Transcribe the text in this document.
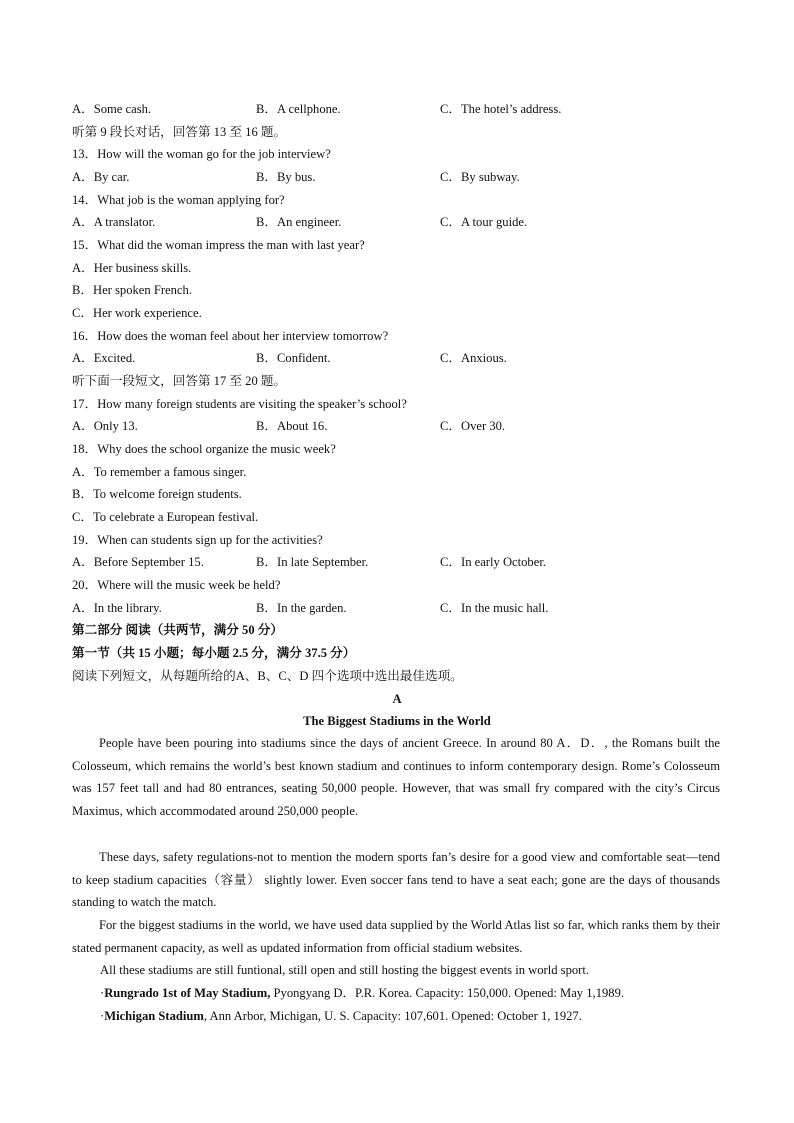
A．Some cash.	B．A cellphone.	C．The hotel’s address.
听第 9 段长对话，回答第 13 至 16 题。
13．How will the woman go for the job interview?
A．By car.	B．By bus.	C．By subway.
14．What job is the woman applying for?
A．A translator.	B．An engineer.	C．A tour guide.
15．What did the woman impress the man with last year?
A．Her business skills.
B．Her spoken French.
C．Her work experience.
16．How does the woman feel about her interview tomorrow?
A．Excited.	B．Confident.	C．Anxious.
听下面一段短文，回答第 17 至 20 题。
17．How many foreign students are visiting the speaker’s school?
A．Only 13.	B．About 16.	C．Over 30.
18．Why does the school organize the music week?
A．To remember a famous singer.
B．To welcome foreign students.
C．To celebrate a European festival.
19．When can students sign up for the activities?
A．Before September 15.	B．In late September.	C．In early October.
20．Where will the music week be held?
A．In the library.	B．In the garden.	C．In the music hall.
第二部分 阅读（共两节，满分 50 分）
第一节（共 15 小题；每小题 2.5 分，满分 37.5 分）
阅读下列短文，从每题所给的A、B、C、D 四个选项中选出最佳选项。
A
The Biggest Stadiums in the World

People have been pouring into stadiums since the days of ancient Greece. In around 80 A．D．, the Romans built the Colosseum, which remains the world’s best known stadium and continues to inform contemporary design. Rome’s Colosseum was 157 feet tall and had 80 entrances, seating 50,000 people. However, that was small fry compared with the city’s Circus Maximus, which accommodated around 250,000 people.

These days, safety regulations-not to mention the modern sports fan’s desire for a good view and comfortable seat—tend to keep stadium capacities（容量） slightly lower. Even soccer fans tend to have a seat each; gone are the days of thousands standing to watch the match.

For the biggest stadiums in the world, we have used data supplied by the World Atlas list so far, which ranks them by their stated permanent capacity, as well as updated information from official stadium websites.

All these stadiums are still funtional, still open and still hosting the biggest events in world sport.
·Rungrado 1st of May Stadium, Pyongyang D．P.R. Korea. Capacity: 150,000. Opened: May 1,1989.
·Michigan Stadium, Ann Arbor, Michigan, U. S. Capacity: 107,601. Opened: October 1, 1927.
